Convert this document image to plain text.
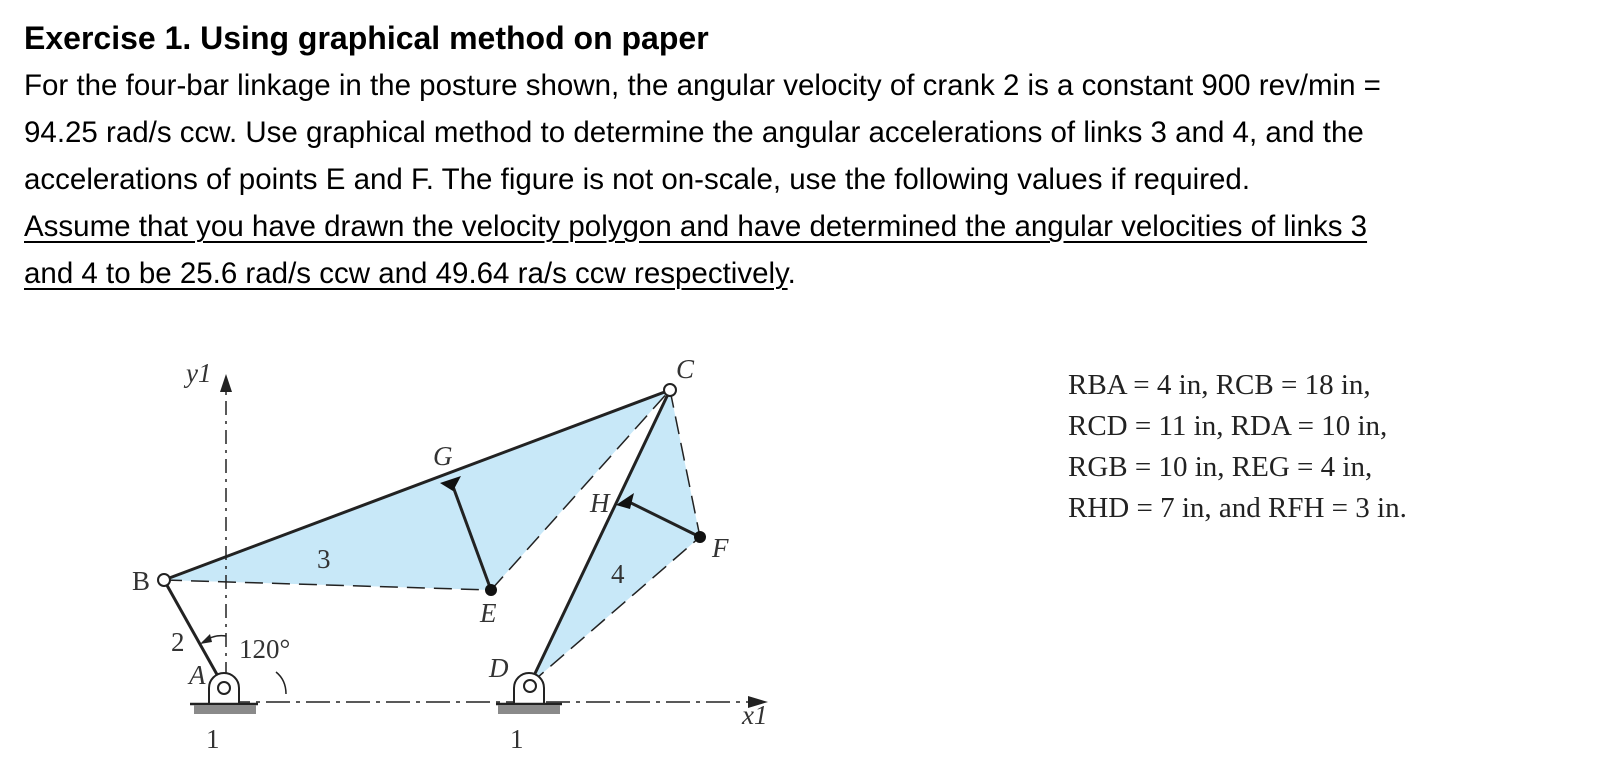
Exercise 1. Using graphical method on paper

For the four-bar linkage in the posture shown, the angular velocity of crank 2 is a constant 900 rev/min =

94.25 rad/s ccw. Use graphical method to determine the angular accelerations of links 3 and 4, and the

accelerations of points E and F. The figure is not on-scale, use the following values if required.

Assume that you have drawn the velocity polygon and have determined the angular velocities of links 3

and 4 to be 25.6 rad/s ccw and 49.64 ra/s ccw respectively.

y1
x1
B
C
G
H
F
E
D
A
2
3	4
120°
1	1
RBA = 4 in, RCB = 18 in,
RCD = 11 in, RDA = 10 in,
RGB = 10 in, REG = 4 in,
RHD = 7 in, and RFH = 3 in.
